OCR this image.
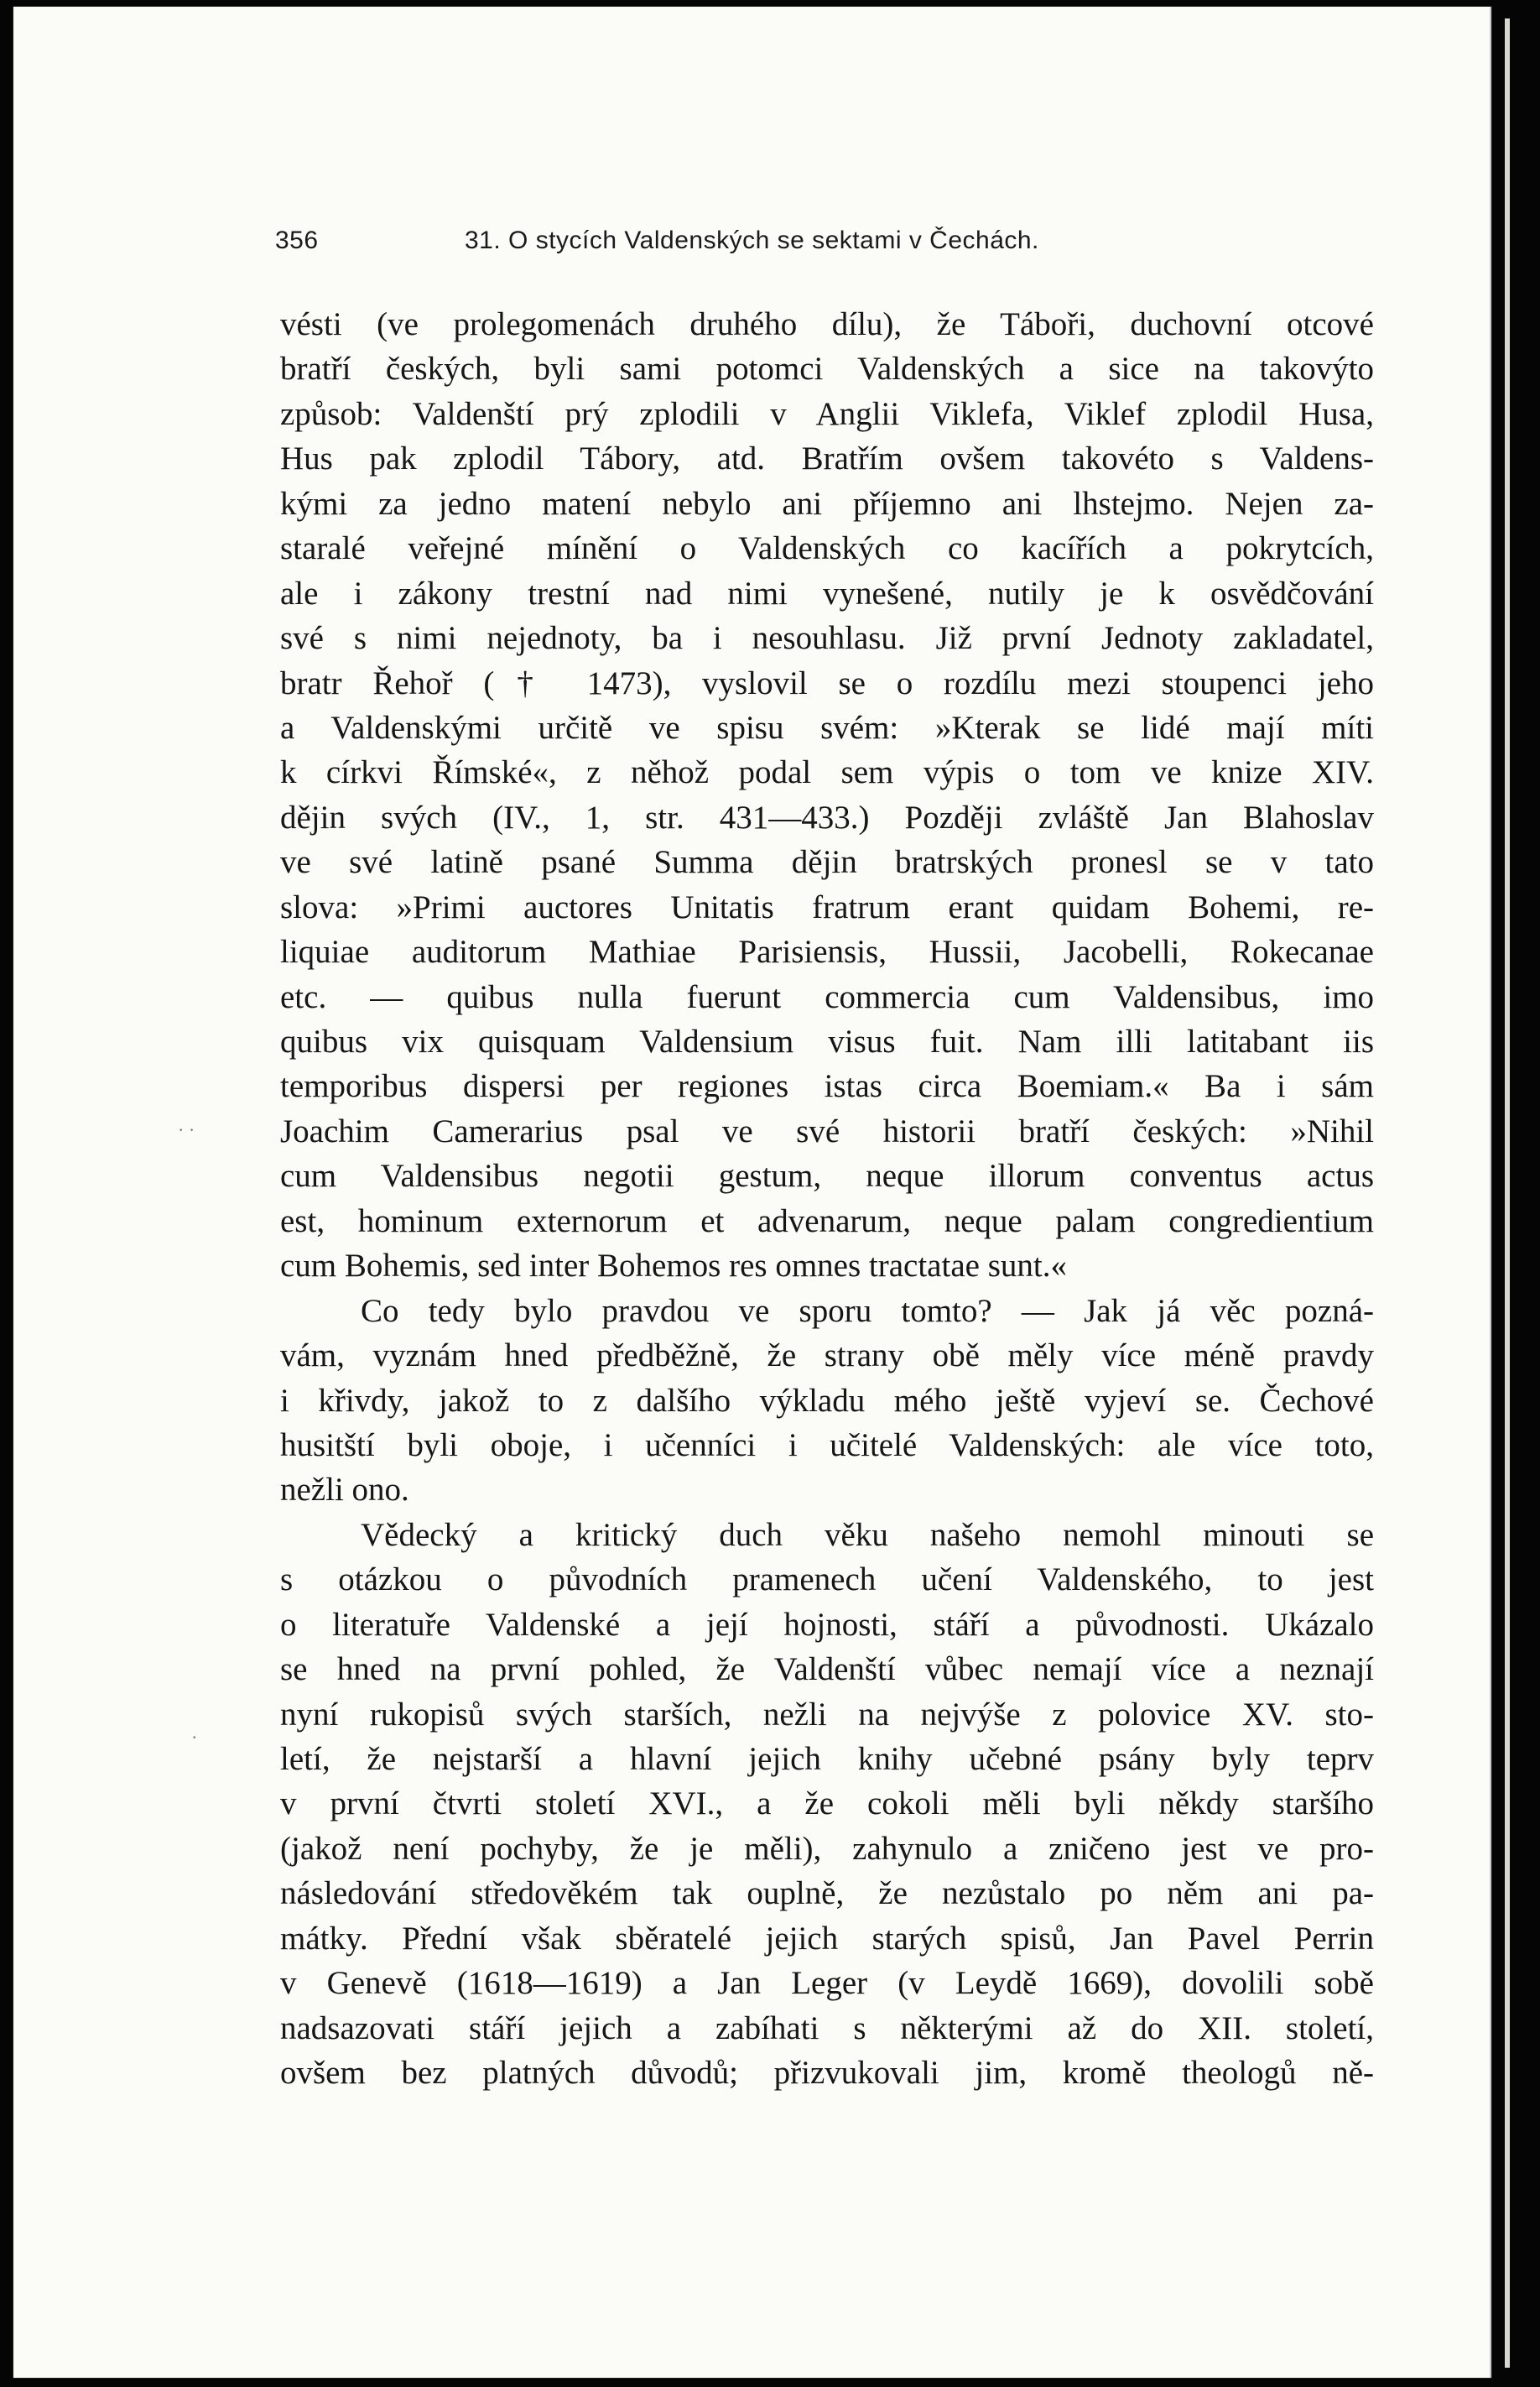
356	31. O stycích Valdenských se sektami v Čechách.
vésti (ve prolegomenách druhého dílu), že Táboři, duchovní otcové
bratří českých, byli sami potomci Valdenských a sice na takovýto
způsob: Valdenští prý zplodili v Anglii Viklefa, Viklef zplodil Husa,
Hus pak zplodil Tábory, atd. Bratřím ovšem takovéto s Valdens-
kými za jedno matení nebylo ani příjemno ani lhstejmo. Nejen za-
staralé veřejné mínění o Valdenských co kacířích a pokrytcích,
ale i zákony trestní nad nimi vynešené, nutily je k osvědčování
své s nimi nejednoty, ba i nesouhlasu. Již první Jednoty zakladatel,
bratr Řehoř († 1473), vyslovil se o rozdílu mezi stoupenci jeho
a Valdenskými určitě ve spisu svém: »Kterak se lidé mají míti
k církvi Římské«, z něhož podal sem výpis o tom ve knize XIV.
dějin svých (IV., 1, str. 431—433.) Později zvláště Jan Blahoslav
ve své latině psané Summa dějin bratrských pronesl se v tato
slova: »Primi auctores Unitatis fratrum erant quidam Bohemi, re-
liquiae auditorum Mathiae Parisiensis, Hussii, Jacobelli, Rokecanae
etc. — quibus nulla fuerunt commercia cum Valdensibus, imo
quibus vix quisquam Valdensium visus fuit. Nam illi latitabant iis
temporibus dispersi per regiones istas circa Boemiam.« Ba i sám
Joachim Camerarius psal ve své historii bratří českých: »Nihil
cum Valdensibus negotii gestum, neque illorum conventus actus
est, hominum externorum et advenarum, neque palam congredientium
cum Bohemis, sed inter Bohemos res omnes tractatae sunt.«
Co tedy bylo pravdou ve sporu tomto? — Jak já věc pozná-
vám, vyznám hned předběžně, že strany obě měly více méně pravdy
i křivdy, jakož to z dalšího výkladu mého ještě vyjeví se. Čechové
husitští byli oboje, i učenníci i učitelé Valdenských: ale více toto,
nežli ono.
Vědecký a kritický duch věku našeho nemohl minouti se
s otázkou o původních pramenech učení Valdenského, to jest
o literatuře Valdenské a její hojnosti, stáří a původnosti. Ukázalo
se hned na první pohled, že Valdenští vůbec nemají více a neznají
nyní rukopisů svých starších, nežli na nejvýše z polovice XV. sto-
letí, že nejstarší a hlavní jejich knihy učebné psány byly teprv
v první čtvrti století XVI., a že cokoli měli byli někdy staršího
(jakož není pochyby, že je měli), zahynulo a zničeno jest ve pro-
následování středověkém tak ouplně, že nezůstalo po něm ani pa-
mátky. Přední však sběratelé jejich starých spisů, Jan Pavel Perrin
v Genevě (1618—1619) a Jan Leger (v Leydě 1669), dovolili sobě
nadsazovati stáří jejich a zabíhati s některými až do XII. století,
ovšem bez platných důvodů; přizvukovali jim, kromě theologů ně-
· ·
·
